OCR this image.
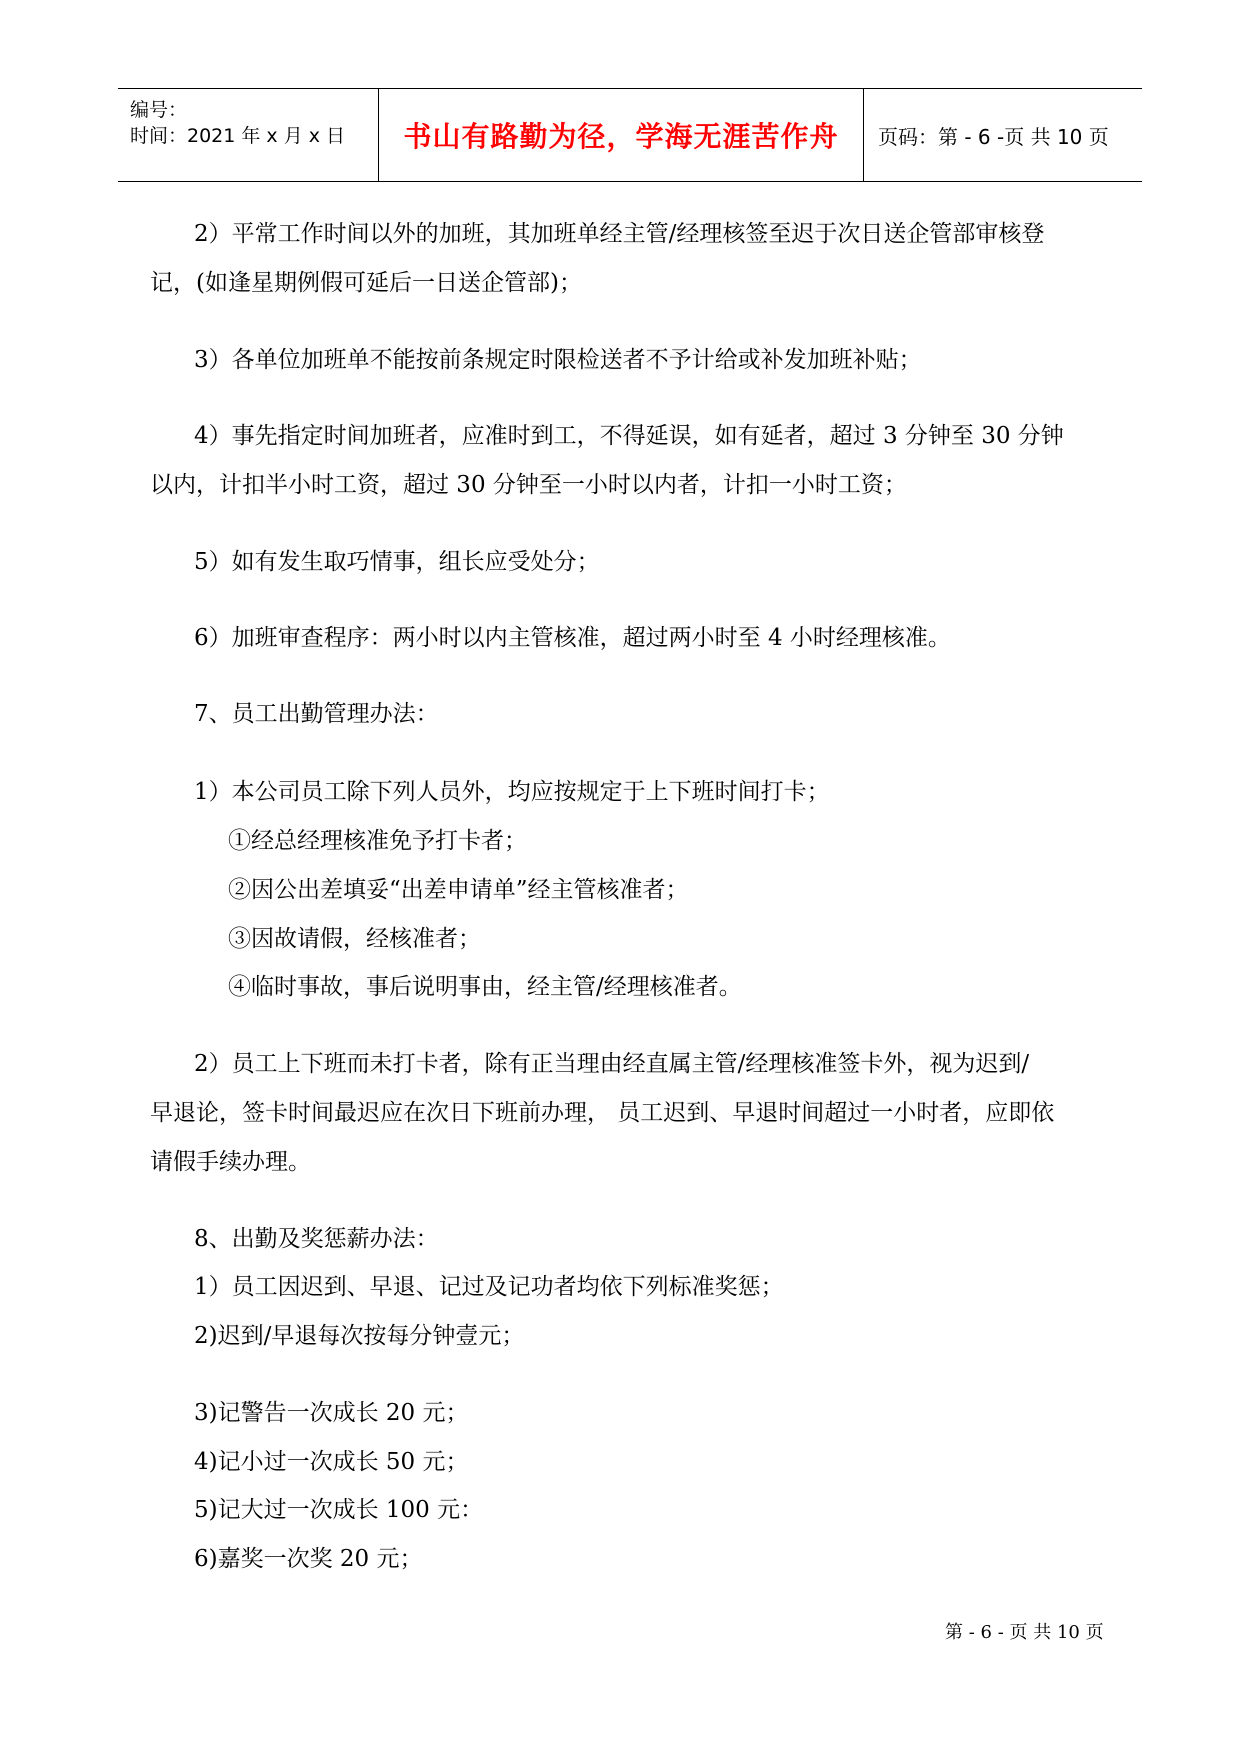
编号：
时间：2021 年 x 月 x 日 书山有路勤为径，学海无涯苦作舟 页码：第 - 6 -页 共 10 页
2）平常工作时间以外的加班，其加班单经主管/经理核签至迟于次日送企管部审核登
记，(如逢星期例假可延后一日送企管部)；
3）各单位加班单不能按前条规定时限检送者不予计给或补发加班补贴；
4）事先指定时间加班者，应准时到工，不得延误，如有延者，超过 3 分钟至 30 分钟
以内，计扣半小时工资，超过 30 分钟至一小时以内者，计扣一小时工资；
5）如有发生取巧情事，组长应受处分；
6）加班审查程序：两小时以内主管核准，超过两小时至 4 小时经理核准。
7、员工出勤管理办法：
1）本公司员工除下列人员外，均应按规定于上下班时间打卡；
①经总经理核准免予打卡者；
②因公出差填妥“出差申请单”经主管核准者；
③因故请假，经核准者；
④临时事故，事后说明事由，经主管/经理核准者。
2）员工上下班而未打卡者，除有正当理由经直属主管/经理核准签卡外，视为迟到/
早退论，签卡时间最迟应在次日下班前办理， 员工迟到、早退时间超过一小时者，应即依
请假手续办理。
8、出勤及奖惩薪办法：
1）员工因迟到、早退、记过及记功者均依下列标准奖惩；
2)迟到/早退每次按每分钟壹元；
3)记警告一次成长 20 元；
4)记小过一次成长 50 元；
5)记大过一次成长 100 元：
6)嘉奖一次奖 20 元；
第 - 6 - 页 共 10 页
